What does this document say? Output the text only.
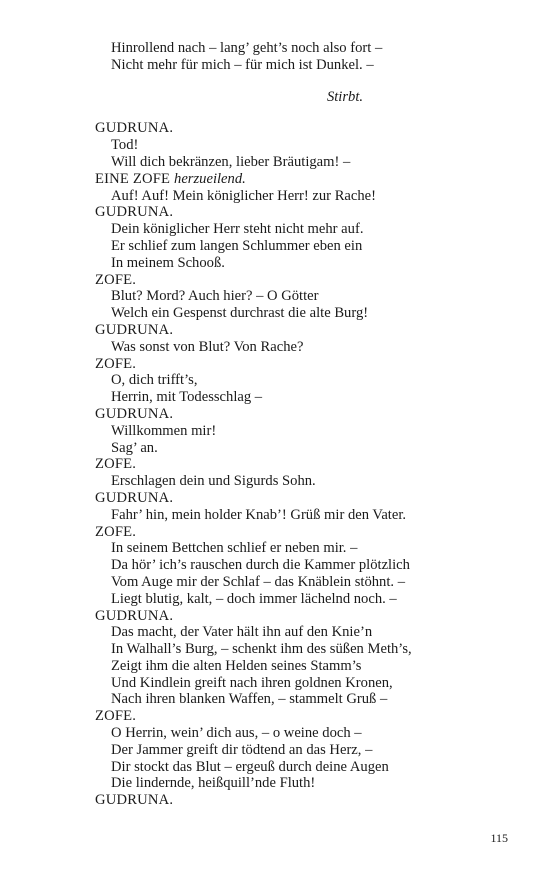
Hinrollend nach – lang’ geht’s noch also fort –
Nicht mehr für mich – für mich ist Dunkel. –
Stirbt.
GUDRUNA.
Tod!
Will dich bekränzen, lieber Bräutigam! –
EINE ZOFE herzueilend.
Auf! Auf! Mein königlicher Herr! zur Rache!
GUDRUNA.
Dein königlicher Herr steht nicht mehr auf.
Er schlief zum langen Schlummer eben ein
In meinem Schooß.
ZOFE.
Blut? Mord? Auch hier? – O Götter
Welch ein Gespenst durchrast die alte Burg!
GUDRUNA.
Was sonst von Blut? Von Rache?
ZOFE.
O, dich trifft’s,
Herrin, mit Todesschlag –
GUDRUNA.
Willkommen mir!
Sag’ an.
ZOFE.
Erschlagen dein und Sigurds Sohn.
GUDRUNA.
Fahr’ hin, mein holder Knab’! Grüß mir den Vater.
ZOFE.
In seinem Bettchen schlief er neben mir. –
Da hör’ ich’s rauschen durch die Kammer plötzlich
Vom Auge mir der Schlaf – das Knäblein stöhnt. –
Liegt blutig, kalt, – doch immer lächelnd noch. –
GUDRUNA.
Das macht, der Vater hält ihn auf den Knie’n
In Walhall’s Burg, – schenkt ihm des süßen Meth’s,
Zeigt ihm die alten Helden seines Stamm’s
Und Kindlein greift nach ihren goldnen Kronen,
Nach ihren blanken Waffen, – stammelt Gruß –
ZOFE.
O Herrin, wein’ dich aus, – o weine doch –
Der Jammer greift dir tödtend an das Herz, –
Dir stockt das Blut – ergeuß durch deine Augen
Die lindernde, heißquill’nde Fluth!
GUDRUNA.
115
